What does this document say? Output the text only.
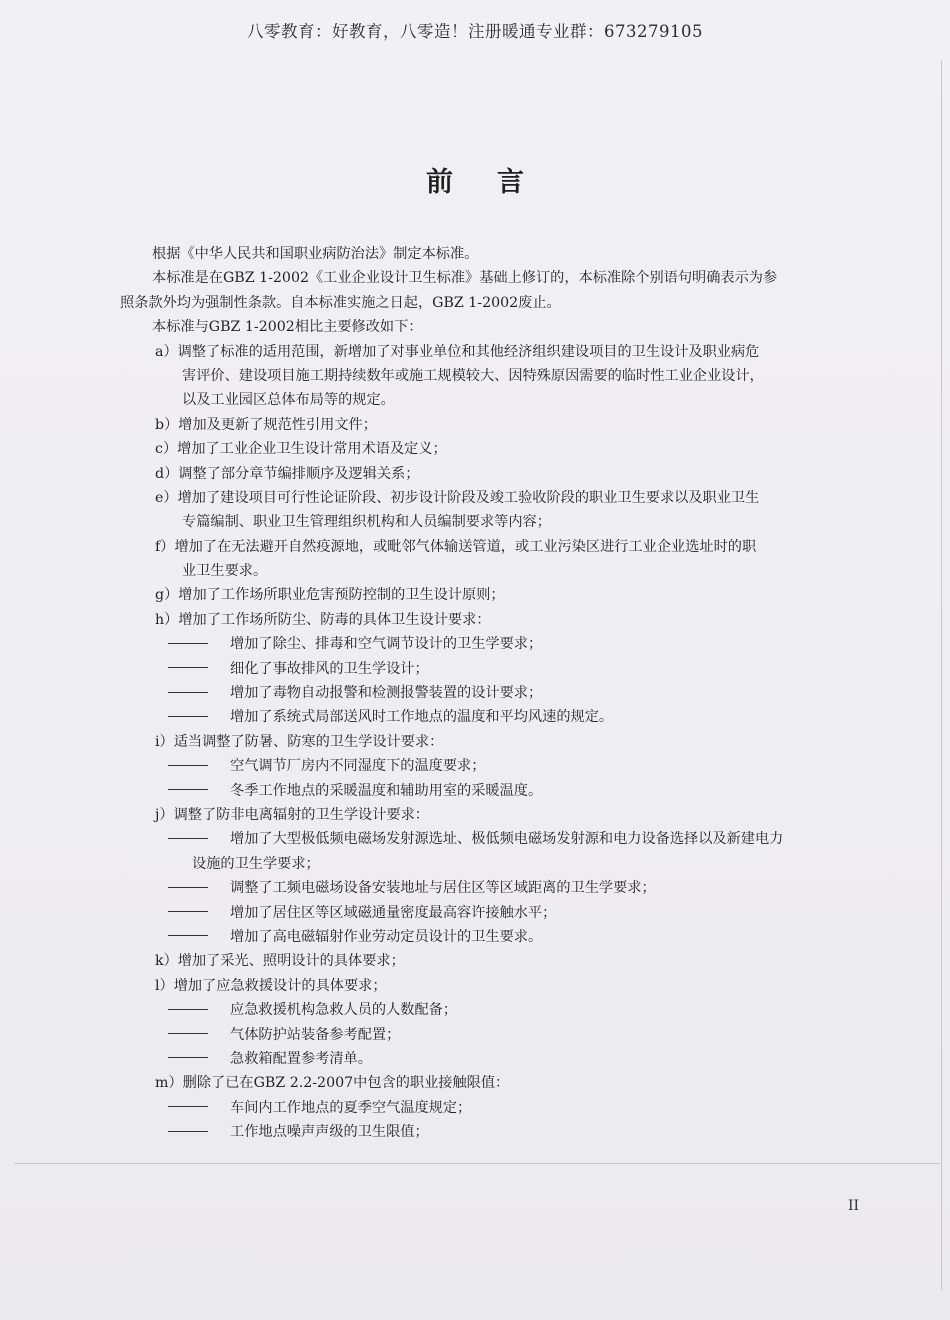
八零教育：好教育，八零造！注册暖通专业群：673279105
前言
根据《中华人民共和国职业病防治法》制定本标准。
本标准是在GBZ 1-2002《工业企业设计卫生标准》基础上修订的，本标准除个别语句明确表示为参
照条款外均为强制性条款。自本标准实施之日起，GBZ 1-2002废止。
本标准与GBZ 1-2002相比主要修改如下：
a）调整了标准的适用范围，新增加了对事业单位和其他经济组织建设项目的卫生设计及职业病危
害评价、建设项目施工期持续数年或施工规模较大、因特殊原因需要的临时性工业企业设计，
以及工业园区总体布局等的规定。
b）增加及更新了规范性引用文件；
c）增加了工业企业卫生设计常用术语及定义；
d）调整了部分章节编排顺序及逻辑关系；
e）增加了建设项目可行性论证阶段、初步设计阶段及竣工验收阶段的职业卫生要求以及职业卫生
专篇编制、职业卫生管理组织机构和人员编制要求等内容；
f）增加了在无法避开自然疫源地，或毗邻气体输送管道，或工业污染区进行工业企业选址时的职
业卫生要求。
g）增加了工作场所职业危害预防控制的卫生设计原则；
h）增加了工作场所防尘、防毒的具体卫生设计要求：
增加了除尘、排毒和空气调节设计的卫生学要求；
细化了事故排风的卫生学设计；
增加了毒物自动报警和检测报警装置的设计要求；
增加了系统式局部送风时工作地点的温度和平均风速的规定。
i）适当调整了防暑、防寒的卫生学设计要求：
空气调节厂房内不同湿度下的温度要求；
冬季工作地点的采暖温度和辅助用室的采暖温度。
j）调整了防非电离辐射的卫生学设计要求：
增加了大型极低频电磁场发射源选址、极低频电磁场发射源和电力设备选择以及新建电力
设施的卫生学要求；
调整了工频电磁场设备安装地址与居住区等区域距离的卫生学要求；
增加了居住区等区域磁通量密度最高容许接触水平；
增加了高电磁辐射作业劳动定员设计的卫生要求。
k）增加了采光、照明设计的具体要求；
l）增加了应急救援设计的具体要求；
应急救援机构急救人员的人数配备；
气体防护站装备参考配置；
急救箱配置参考清单。
m）删除了已在GBZ 2.2-2007中包含的职业接触限值：
车间内工作地点的夏季空气温度规定；
工作地点噪声声级的卫生限值；
II
